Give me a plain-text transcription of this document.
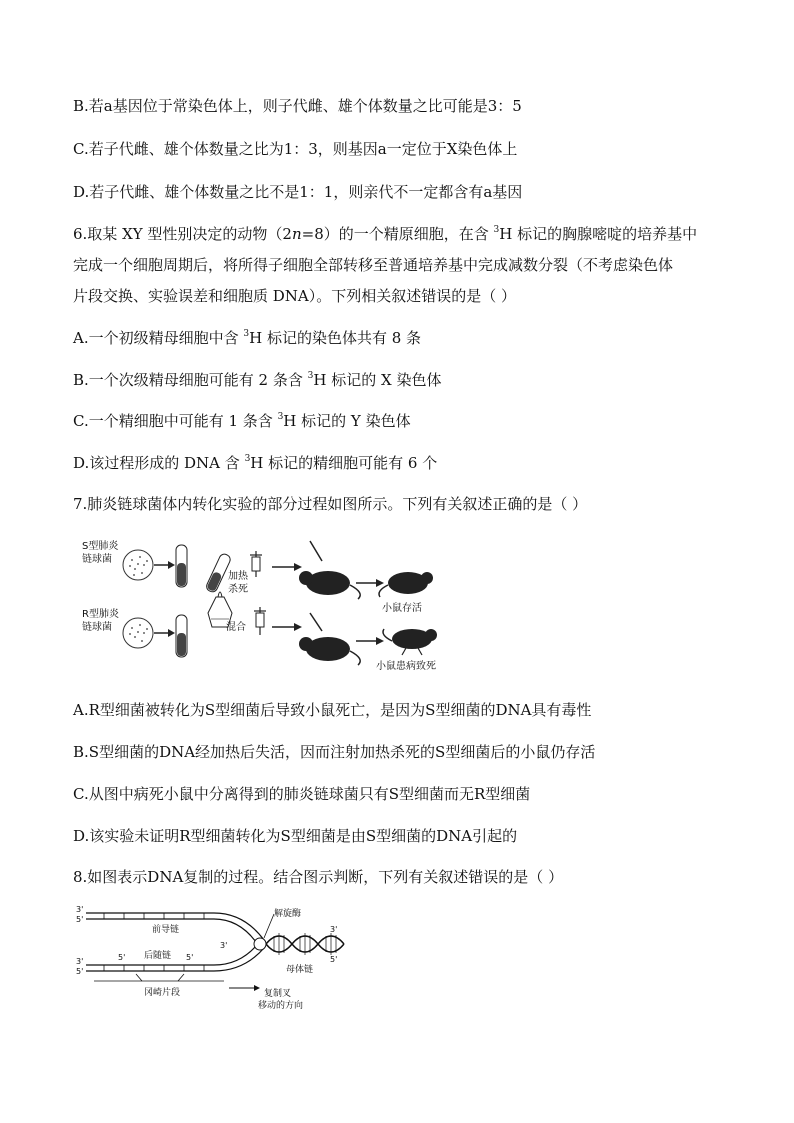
B.若a基因位于常染色体上，则子代雌、雄个体数量之比可能是3：5
C.若子代雌、雄个体数量之比为1：3，则基因a一定位于X染色体上
D.若子代雌、雄个体数量之比不是1：1，则亲代不一定都含有a基因
6.取某 XY 型性别决定的动物（2n=8）的一个精原细胞，在含 $^3$H 标记的胸腺嘧啶的培养基中
完成一个细胞周期后，将所得子细胞全部转移至普通培养基中完成减数分裂（不考虑染色体
片段交换、实验误差和细胞质 DNA）。下列相关叙述错误的是（ ）
A.一个初级精母细胞中含 $^3$H 标记的染色体共有 8 条
B.一个次级精母细胞可能有 2 条含 $^3$H 标记的 X 染色体
C.一个精细胞中可能有 1 条含 $^3$H 标记的 Y 染色体
D.该过程形成的 DNA 含 $^3$H 标记的精细胞可能有 6 个
7.肺炎链球菌体内转化实验的部分过程如图所示。下列有关叙述正确的是（ ）
S型肺炎
链球菌
加热
杀死
混合
R型肺炎
链球菌
小鼠存活
小鼠患病致死
A.R型细菌被转化为S型细菌后导致小鼠死亡，是因为S型细菌的DNA具有毒性
B.S型细菌的DNA经加热后失活，因而注射加热杀死的S型细菌后的小鼠仍存活
C.从图中病死小鼠中分离得到的肺炎链球菌只有S型细菌而无R型细菌
D.该实验未证明R型细菌转化为S型细菌是由S型细菌的DNA引起的
8.如图表示DNA复制的过程。结合图示判断，下列有关叙述错误的是（ ）
3'
5'
3'
5'
前导链
5' 后随链 5'
解旋酶
3'
3'
5'
母体链
冈崎片段	复制叉
移动的方向
